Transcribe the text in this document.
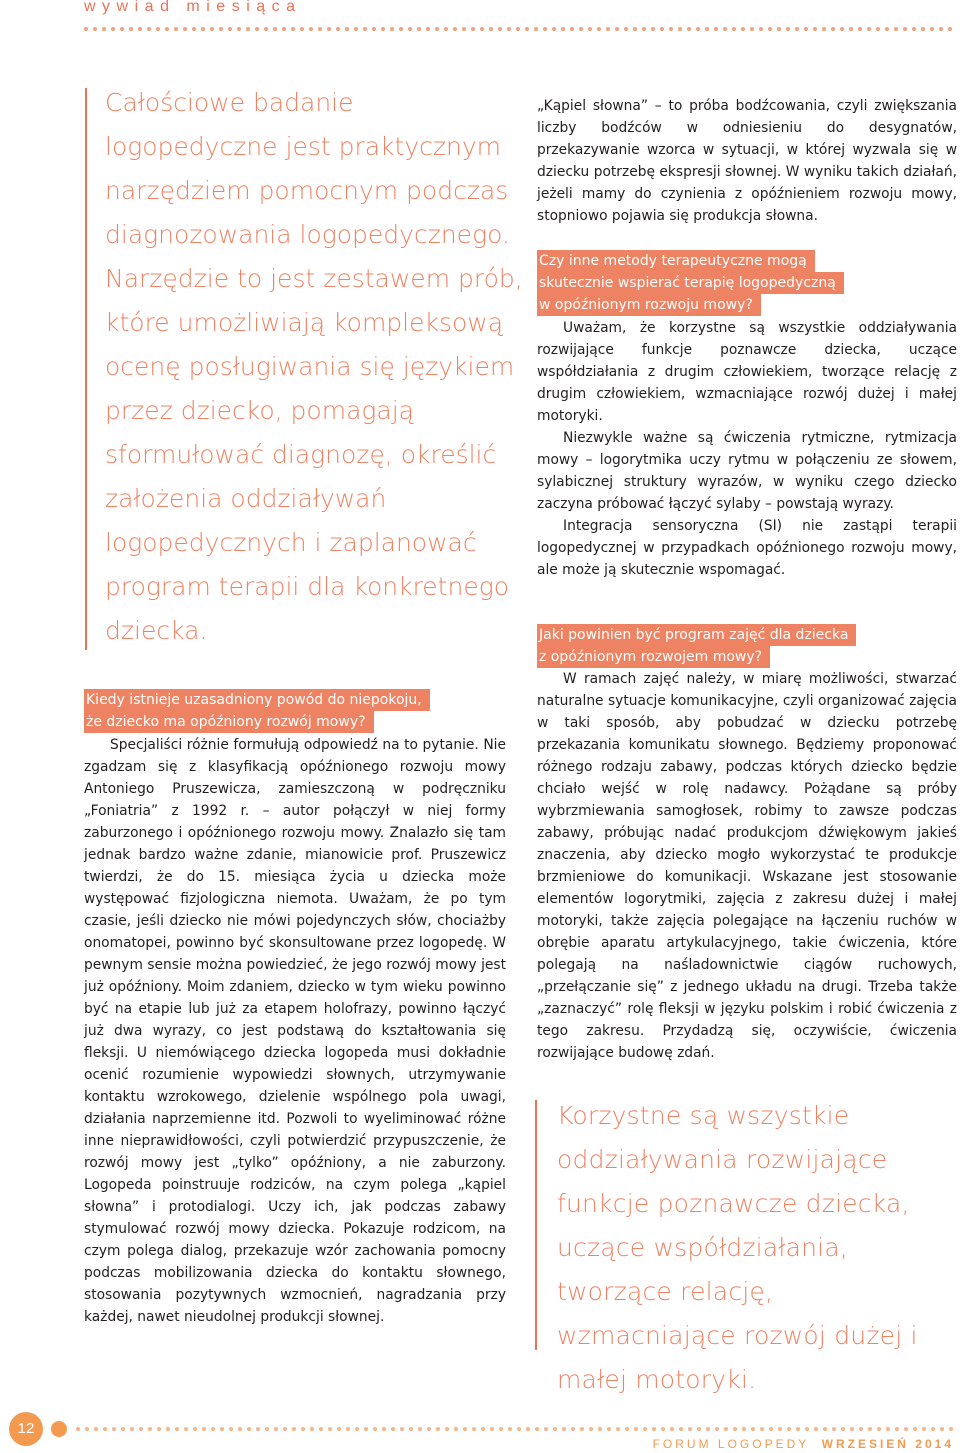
wywiad miesiąca
Całościowe badanie logopedyczne jest praktycznym narzędziem pomocnym podczas diagnozowania logopedycznego. Narzędzie to jest zestawem prób, które umożliwiają kompleksową ocenę posługiwania się językiem przez dziecko, pomagają sformułować diagnozę, określić założenia oddziaływań logopedycznych i zaplanować program terapii dla konkretnego dziecka.
Kiedy istnieje uzasadniony powód do niepokoju,
że dziecko ma opóźniony rozwój mowy?

Specjaliści różnie formułują odpowiedź na to pytanie. Nie zgadzam się z klasyfikacją opóźnionego rozwoju mowy Antoniego Pruszewicza, zamieszczoną w podręczniku „Foniatria” z 1992 r. – autor połączył w niej formy zaburzonego i opóźnionego rozwoju mowy. Znalazło się tam jednak bardzo ważne zdanie, mianowicie prof. Pruszewicz twierdzi, że do 15. miesiąca życia u dziecka może występować fizjologiczna niemota. Uważam, że po tym czasie, jeśli dziecko nie mówi pojedynczych słów, chociażby onomatopei, powinno być skonsultowane przez logopedę. W pewnym sensie można powiedzieć, że jego rozwój mowy jest już opóźniony. Moim zdaniem, dziecko w tym wieku powinno być na etapie lub już za etapem holofrazy, powinno łączyć już dwa wyrazy, co jest podstawą do kształtowania się fleksji. U niemówiącego dziecka logopeda musi dokładnie ocenić rozumienie wypowiedzi słownych, utrzymywanie kontaktu wzrokowego, dzielenie wspólnego pola uwagi, działania naprzemienne itd. Pozwoli to wyeliminować różne inne nieprawidłowości, czyli potwierdzić przypuszczenie, że rozwój mowy jest „tylko” opóźniony, a nie zaburzony. Logopeda poinstruuje rodziców, na czym polega „kąpiel słowna” i protodialogi. Uczy ich, jak podczas zabawy stymulować rozwój mowy dziecka. Pokazuje rodzicom, na czym polega dialog, przekazuje wzór zachowania pomocny podczas mobilizowania dziecka do kontaktu słownego, stosowania pozytywnych wzmocnień, nagradzania przy każdej, nawet nieudolnej produkcji słownej.

„Kąpiel słowna” – to próba bodźcowania, czyli zwiększania liczby bodźców w odniesieniu do desygnatów, przekazywanie wzorca w sytuacji, w której wyzwala się w dziecku potrzebę ekspresji słownej. W wyniku takich działań, jeżeli mamy do czynienia z opóźnieniem rozwoju mowy, stopniowo pojawia się produkcja słowna.

Czy inne metody terapeutyczne mogą
skutecznie wspierać terapię logopedyczną
w opóźnionym rozwoju mowy?

Uważam, że korzystne są wszystkie oddziaływania rozwijające funkcje poznawcze dziecka, uczące współdziałania z drugim człowiekiem, tworzące relację z drugim człowiekiem, wzmacniające rozwój dużej i małej motoryki.

Niezwykle ważne są ćwiczenia rytmiczne, rytmizacja mowy – logorytmika uczy rytmu w połączeniu ze słowem, sylabicznej struktury wyrazów, w wyniku czego dziecko zaczyna próbować łączyć sylaby – powstają wyrazy.

Integracja sensoryczna (SI) nie zastąpi terapii logopedycznej w przypadkach opóźnionego rozwoju mowy, ale może ją skutecznie wspomagać.

Jaki powinien być program zajęć dla dziecka
z opóźnionym rozwojem mowy?

W ramach zajęć należy, w miarę możliwości, stwarzać naturalne sytuacje komunikacyjne, czyli organizować zajęcia w taki sposób, aby pobudzać w dziecku potrzebę przekazania komunikatu słownego. Będziemy proponować różnego rodzaju zabawy, podczas których dziecko będzie chciało wejść w rolę nadawcy. Pożądane są próby wybrzmiewania samogłosek, robimy to zawsze podczas zabawy, próbując nadać produkcjom dźwiękowym jakieś znaczenia, aby dziecko mogło wykorzystać te produkcje brzmieniowe do komunikacji. Wskazane jest stosowanie elementów logorytmiki, zajęcia z zakresu dużej i małej motoryki, także zajęcia polegające na łączeniu ruchów w obrębie aparatu artykulacyjnego, takie ćwiczenia, które polegają na naśladownictwie ciągów ruchowych, „przełączanie się” z jednego układu na drugi. Trzeba także „zaznaczyć” rolę fleksji w języku polskim i robić ćwiczenia z tego zakresu. Przydadzą się, oczywiście, ćwiczenia rozwijające budowę zdań.

Korzystne są wszystkie oddziaływania rozwijające funkcje poznawcze dziecka, uczące współdziałania, tworzące relację, wzmacniające rozwój dużej i małej motoryki.
12
FORUM LOGOPEDY WRZESIEŃ 2014
